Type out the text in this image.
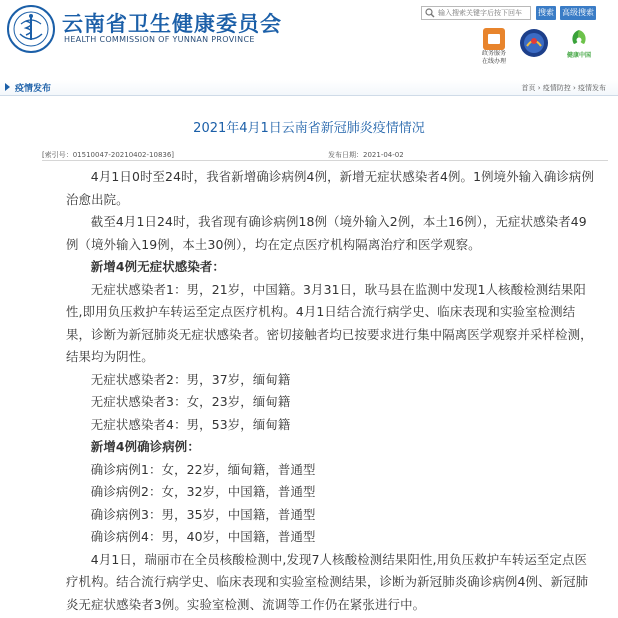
云南省卫生健康委员会
HEALTH COMMISSION OF YUNNAN PROVINCE
输入搜索关键字后按下回车
搜索 高级搜索
政务服务
在线办理
健康中国
疫情发布	首页 › 疫情防控 › 疫情发布
2021年4月1日云南省新冠肺炎疫情情况
[索引号：01510047-20210402-10836]	发布日期：2021-04-02

4月1日0时至24时，我省新增确诊病例4例，新增无症状感染者4例。1例境外输入确诊病例治愈出院。

截至4月1日24时，我省现有确诊病例18例（境外输入2例，本土16例），无症状感染者49例（境外输入19例，本土30例），均在定点医疗机构隔离治疗和医学观察。

新增4例无症状感染者：

无症状感染者1：男，21岁，中国籍。3月31日，耿马县在监测中发现1人核酸检测结果阳性,即用负压救护车转运至定点医疗机构。4月1日结合流行病学史、临床表现和实验室检测结果，诊断为新冠肺炎无症状感染者。密切接触者均已按要求进行集中隔离医学观察并采样检测，结果均为阴性。

无症状感染者2：男，37岁，缅甸籍

无症状感染者3：女，23岁，缅甸籍

无症状感染者4：男，53岁，缅甸籍

新增4例确诊病例：

确诊病例1：女，22岁，缅甸籍，普通型

确诊病例2：女，32岁，中国籍，普通型

确诊病例3：男，35岁，中国籍，普通型

确诊病例4：男，40岁，中国籍，普通型

4月1日，瑞丽市在全员核酸检测中,发现7人核酸检测结果阳性,用负压救护车转运至定点医疗机构。结合流行病学史、临床表现和实验室检测结果，诊断为新冠肺炎确诊病例4例、新冠肺炎无症状感染者3例。实验室检测、流调等工作仍在紧张进行中。
